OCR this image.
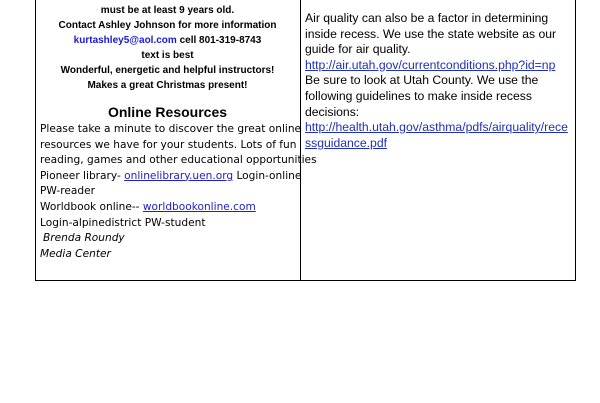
must be at least 9 years old.
Contact Ashley Johnson for more information
kurtashley5@aol.com cell 801-319-8743
text is best
Wonderful, energetic and helpful instructors!
Makes a great Christmas present!
Online Resources
Please take a minute to discover the great online
resources we have for your students. Lots of fun
reading, games and other educational opportunities
Pioneer library- onlinelibrary.uen.org Login-online
PW-reader
Worldbook online-- worldbookonline.com
Login-alpinedistrict PW-student
Brenda Roundy
Media Center
Air quality can also be a factor in determining
inside recess. We use the state website as our
guide for air quality.
http://air.utah.gov/currentconditions.php?id=np
Be sure to look at Utah County. We use the
following guidelines to make inside recess
decisions:
http://health.utah.gov/asthma/pdfs/airquality/rece
ssguidance.pdf
